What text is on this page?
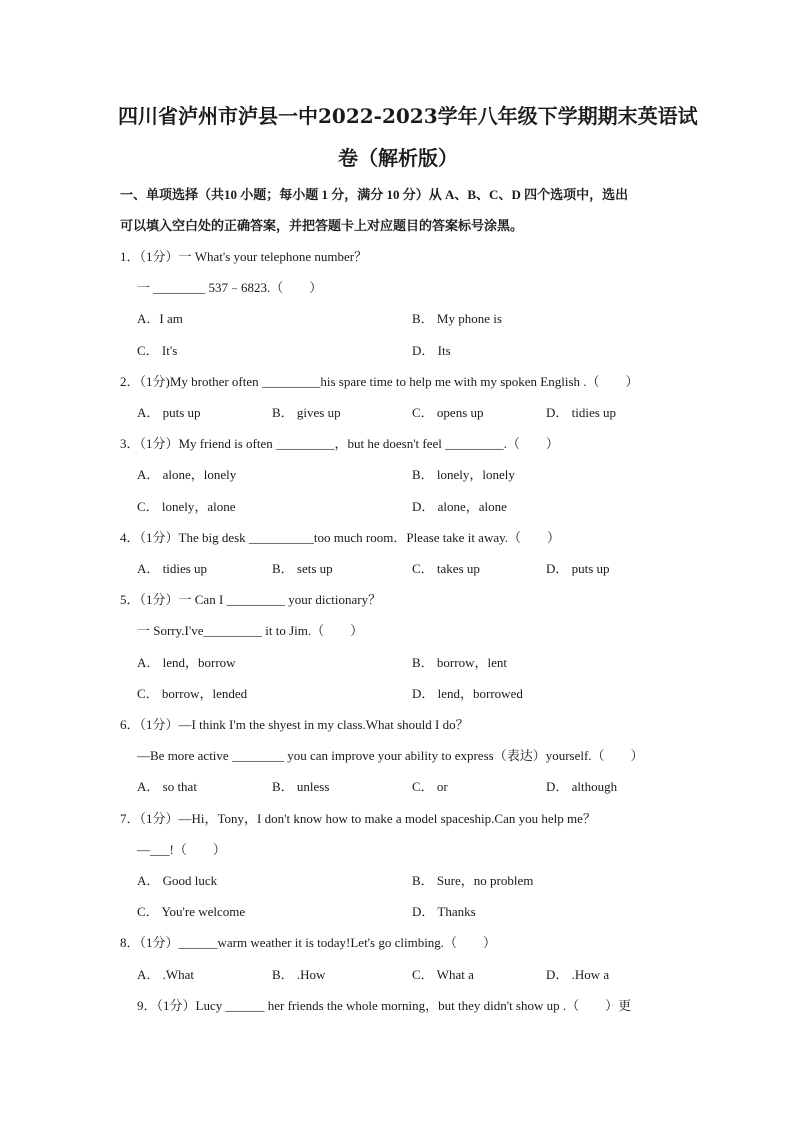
四川省泸州市泸县一中2022-2023学年八年级下学期期末英语试
卷（解析版）
一、单项选择（共10 小题；每小题 1 分，满分 10 分）从 A、B、C、D 四个选项中，选出
可以填入空白处的正确答案，并把答题卡上对应题目的答案标号涂黑。
1．（1分）一 What's your telephone number？
一 ________ 537﹣6823.（　　）
A．I am	B． My phone is
C． It's	D． Its
2．（1分)My brother often _________his spare time to help me with my spoken English .（　　）
A． puts up	B． gives up	C． opens up	D． tidies up
3．（1分）My friend is often _________，but he doesn't feel _________.（　　）
A． alone，lonely	B． lonely，lonely
C． lonely，alone	D． alone，alone
4．（1分）The big desk __________too much room．Please take it away.（　　）
A． tidies up	B． sets up	C． takes up	D． puts up
5．（1分）一 Can I _________ your dictionary？
一 Sorry.I've_________ it to Jim.（　　）
A． lend，borrow	B． borrow，lent
C． borrow，lended	D． lend，borrowed
6．（1分）—I think I'm the shyest in my class.What should I do？
—Be more active ________ you can improve your ability to express（表达）yourself.（　　）
A． so that	B． unless	C． or	D． although
7．（1分）—Hi，Tony，I don't know how to make a model spaceship.Can you help me？
—___!（　　）
A． Good luck	B． Sure，no problem
C． You're welcome	D． Thanks
8．（1分）______warm weather it is today!Let's go climbing.（　　）
A． .What	B． .How	C． What a	D． .How a
9．（1分）Lucy ______ her friends the whole morning，but they didn't show up .（　　）更
